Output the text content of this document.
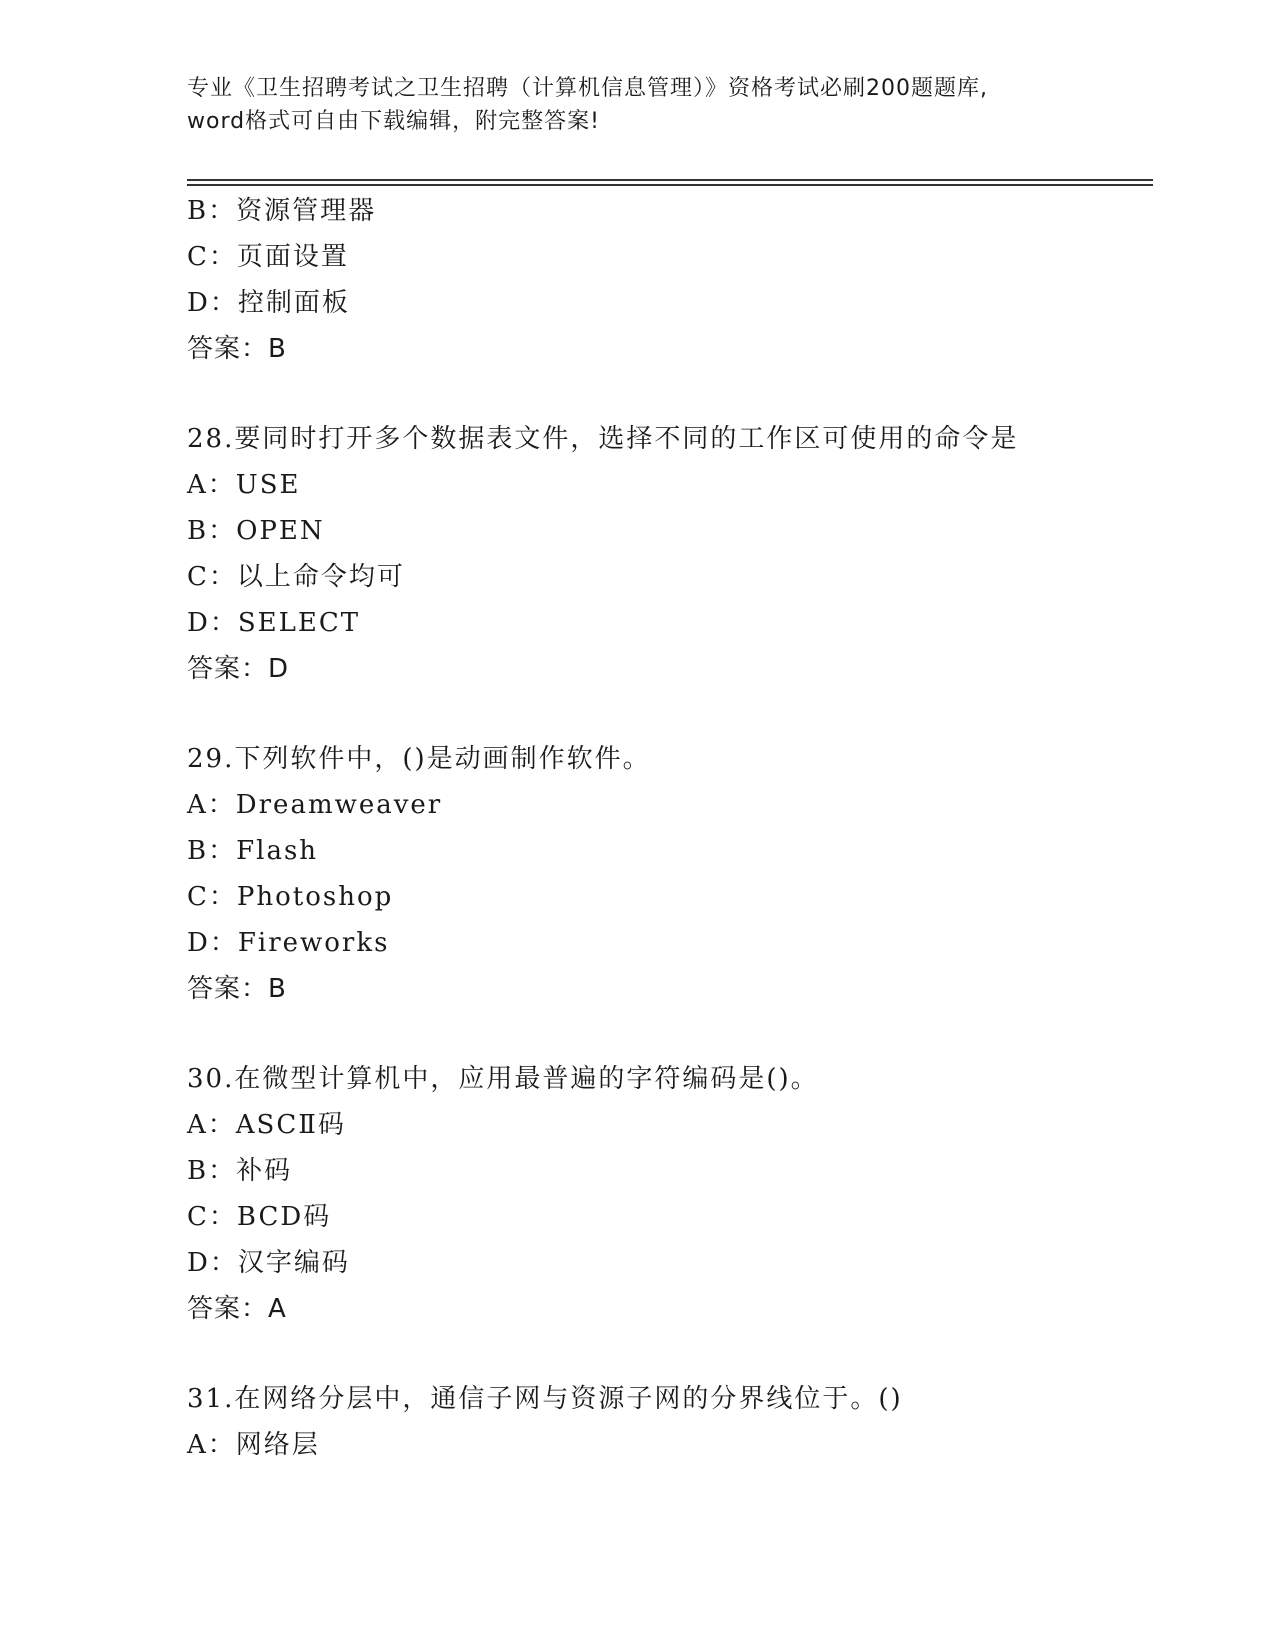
专业《卫生招聘考试之卫生招聘（计算机信息管理）》资格考试必刷200题题库,
word格式可自由下载编辑，附完整答案!
B：资源管理器
C：页面设置
D：控制面板
答案：B
28.要同时打开多个数据表文件，选择不同的工作区可使用的命令是
A：USE
B：OPEN
C：以上命令均可
D：SELECT
答案：D
29.下列软件中，()是动画制作软件。
A：Dreamweaver
B：Flash
C：Photoshop
D：Fireworks
答案：B
30.在微型计算机中，应用最普遍的字符编码是()。
A：ASCⅡ码
B：补码
C：BCD码
D：汉字编码
答案：A
31.在网络分层中，通信子网与资源子网的分界线位于。()
A：网络层
